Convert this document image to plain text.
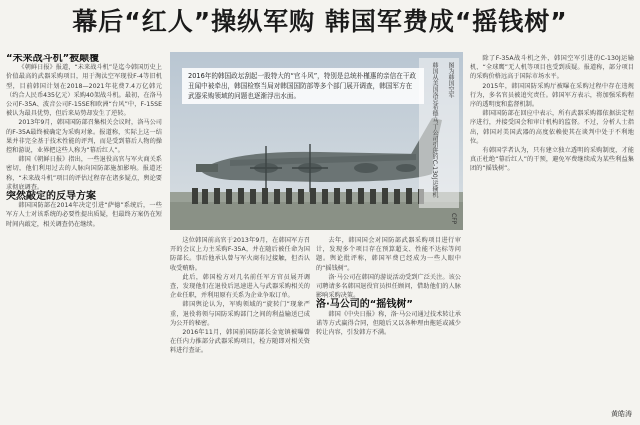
幕后“红人”操纵军购 韩国军费成“摇钱树”

“未来战斗机”被颠覆

《朝鲜日报》报道，“未来战斗机”是迄今韩国历史上价值最高的武器采购项目，用于淘汰空军现役F-4等旧机型，目前韩国计划在2018—2021年花费7.4万亿韩元（约合人民币435亿元）采购40架战斗机。最初，在洛马公司F-35A、波音公司F-15SE和欧洲“台风”中，F-15SE被认为最具优势，但后来局势却发生了逆转。

2013年9月，韩国国防部召集相关会议时，洛马公司的F-35A最终被确定为采购对象。报道称，实际上这一结果并非完全基于技术性能的评判，而是受到幕后人物的操控和游说，业界把这些人称为“幕后红人”。

韩国《朝鲜日报》指出，一些退役高官与军火商关系密切，他们利用过去的人脉向国防部施加影响。报道还称，“未来战斗机”项目的评估过程存在诸多疑点，舆论要求彻底调查。

突然敲定的反导方案

韩国国防部在2014年决定引进“萨德”系统后，一些军方人士对该系统的必要性提出质疑，但最终方案仍在短时间内敲定，相关调查仍在继续。

韩国从美国洛克希德·马丁公司引进的C-130J运输机 图为韩国空军
CFP
2016年的韩国政坛刮起一股特大的“官斗风”，特别是总统朴槿惠的亲信在干政丑闻中被牵出，韩国检察当局对韩国国防部等多个部门展开调查，韩国军方在武器采购领域的问题也逐渐浮出水面。

这位韩国前高官于2013年9月，在韩国军方召开的会议上力主采购F-35A，并在随后被任命为国防部长。事后他承认曾与军火商有过接触，但否认收受贿赂。

此后，韩国检方对几名前任军方官员展开调查，发现他们在退役后迅速进入与武器采购相关的企业任职，并利用原有关系为企业争取订单。

韩国舆论认为，军购领域的“旋转门”现象严重，退役将领与国防采购部门之间的利益输送已成为公开的秘密。

2016年11月，韩国前国防部长金宽镇被曝曾在任内力推部分武器采购项目，检方随即对相关资料进行查证。

去年，韩国国会对国防部武器采购项目进行审计，发现多个项目存在预算超支、性能不达标等问题。舆论批评称，韩国军费已经成为一些人眼中的“摇钱树”。

洛·马公司在韩国的游说活动受到广泛关注。该公司聘请多名韩国退役官员担任顾问，借助他们的人脉影响采购决策。

洛·马公司的“摇钱树”

韩国《中央日报》称，洛·马公司通过技术转让承诺等方式赢得合同，但随后又以各种理由拖延或减少转让内容，引发韩方不满。

除了F-35A战斗机之外，韩国空军引进的C-130J运输机、“全球鹰”无人机等项目也受到质疑。报道称，部分项目的采购价格远高于国际市场水平。

2015年，韩国国防采购厅被曝在采购过程中存在违规行为，多名官员被追究责任。韩国军方表示，将加强采购程序的透明度和监督机制。

韩国国防部在回应中表示，所有武器采购都依据法定程序进行，并接受国会和审计机构的监督。不过，分析人士指出，韩国对美国武器的高度依赖使其在谈判中处于不利地位。

有韩国学者认为，只有建立独立透明的采购制度，才能真正杜绝“幕后红人”的干预，避免军费继续成为某些利益集团的“摇钱树”。

黄皓涛
